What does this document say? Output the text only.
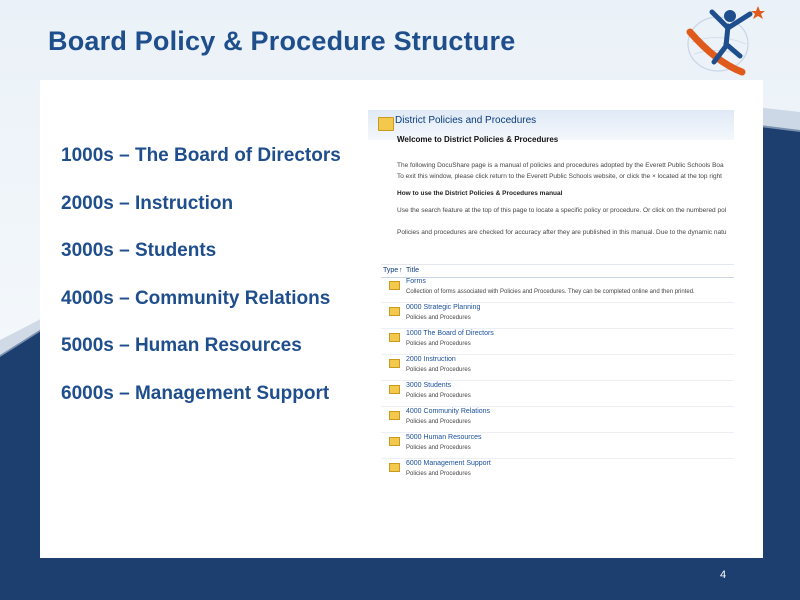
Board Policy & Procedure Structure
1000s – The Board of Directors
2000s – Instruction
3000s – Students
4000s – Community Relations
5000s – Human Resources
6000s – Management Support
District Policies and Procedures
Welcome to District Policies & Procedures
The following DocuShare page is a manual of policies and procedures adopted by the Everett Public Schools Boa
To exit this window, please click return to the Everett Public Schools website, or click the × located at the top right
How to use the District Policies & Procedures manual
Use the search feature at the top of this page to locate a specific policy or procedure. Or click on the numbered pol
Policies and procedures are checked for accuracy after they are published in this manual. Due to the dynamic natu
Type ↑ Title
Forms
Collection of forms associated with Policies and Procedures. They can be completed online and then printed.
0000 Strategic Planning
Policies and Procedures
1000 The Board of Directors
Policies and Procedures
2000 Instruction
Policies and Procedures
3000 Students
Policies and Procedures
4000 Community Relations
Policies and Procedures
5000 Human Resources
Policies and Procedures
6000 Management Support
Policies and Procedures
4
